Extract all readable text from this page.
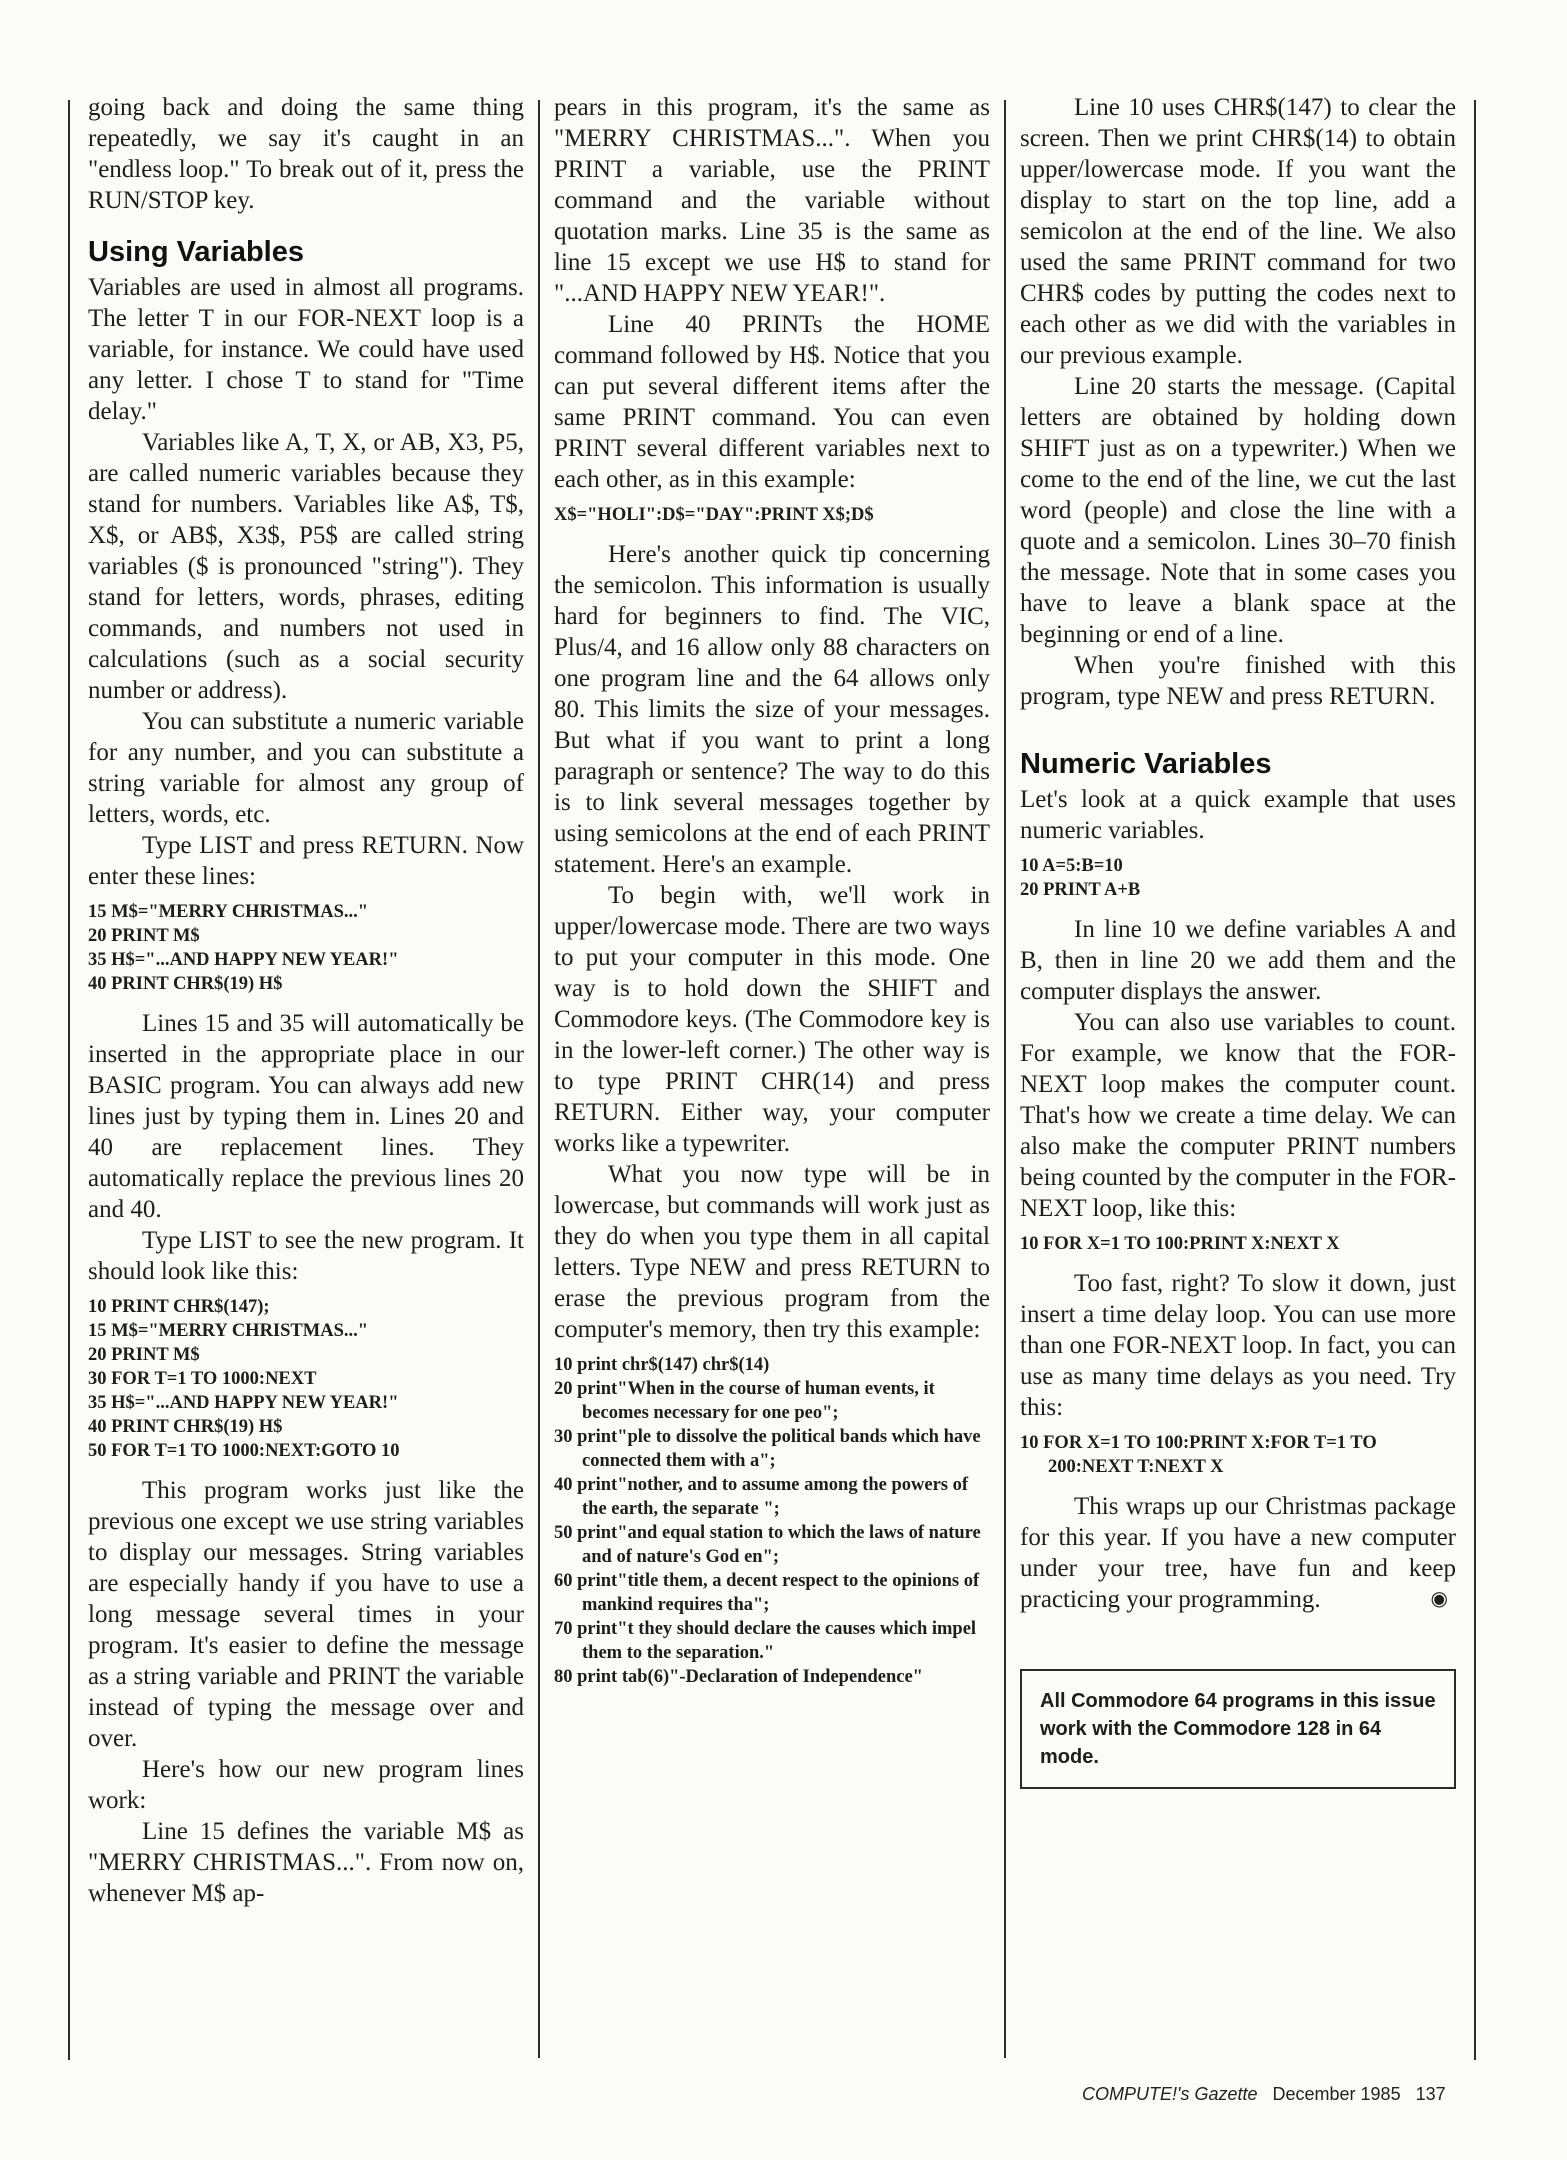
going back and doing the same thing repeatedly, we say it's caught in an "endless loop." To break out of it, press the RUN/STOP key.

Using Variables

Variables are used in almost all programs. The letter T in our FOR-NEXT loop is a variable, for instance. We could have used any letter. I chose T to stand for "Time delay."

Variables like A, T, X, or AB, X3, P5, are called numeric variables because they stand for numbers. Variables like A$, T$, X$, or AB$, X3$, P5$ are called string variables ($ is pronounced "string"). They stand for letters, words, phrases, editing commands, and numbers not used in calculations (such as a social security number or address).

You can substitute a numeric variable for any number, and you can substitute a string variable for almost any group of letters, words, etc.

Type LIST and press RETURN. Now enter these lines:

15 M$="MERRY CHRISTMAS..."
20 PRINT M$
35 H$="...AND HAPPY NEW YEAR!"
40 PRINT CHR$(19) H$

Lines 15 and 35 will automatically be inserted in the appropriate place in our BASIC program. You can always add new lines just by typing them in. Lines 20 and 40 are replacement lines. They automatically replace the previous lines 20 and 40.

Type LIST to see the new program. It should look like this:

10 PRINT CHR$(147);
15 M$="MERRY CHRISTMAS..."
20 PRINT M$
30 FOR T=1 TO 1000:NEXT
35 H$="...AND HAPPY NEW YEAR!"
40 PRINT CHR$(19) H$
50 FOR T=1 TO 1000:NEXT:GOTO 10

This program works just like the previous one except we use string variables to display our messages. String variables are especially handy if you have to use a long message several times in your program. It's easier to define the message as a string variable and PRINT the variable instead of typing the message over and over.

Here's how our new program lines work:

Line 15 defines the variable M$ as "MERRY CHRISTMAS...". From now on, whenever M$ ap-

pears in this program, it's the same as "MERRY CHRISTMAS...". When you PRINT a variable, use the PRINT command and the variable without quotation marks. Line 35 is the same as line 15 except we use H$ to stand for "...AND HAPPY NEW YEAR!".

Line 40 PRINTs the HOME command followed by H$. Notice that you can put several different items after the same PRINT command. You can even PRINT several different variables next to each other, as in this example:

X$="HOLI":D$="DAY":PRINT X$;D$

Here's another quick tip concerning the semicolon. This information is usually hard for beginners to find. The VIC, Plus/4, and 16 allow only 88 characters on one program line and the 64 allows only 80. This limits the size of your messages. But what if you want to print a long paragraph or sentence? The way to do this is to link several messages together by using semicolons at the end of each PRINT statement. Here's an example.

To begin with, we'll work in upper/lowercase mode. There are two ways to put your computer in this mode. One way is to hold down the SHIFT and Commodore keys. (The Commodore key is in the lower-left corner.) The other way is to type PRINT CHR(14) and press RETURN. Either way, your computer works like a typewriter.

What you now type will be in lowercase, but commands will work just as they do when you type them in all capital letters. Type NEW and press RETURN to erase the previous program from the computer's memory, then try this example:

10 print chr$(147) chr$(14)
20 print"When in the course of human events, it becomes necessary for one peo";
30 print"ple to dissolve the political bands which have connected them with a";
40 print"nother, and to assume among the powers of the earth, the separate ";
50 print"and equal station to which the laws of nature and of nature's God en";
60 print"title them, a decent respect to the opinions of mankind requires tha";
70 print"t they should declare the causes which impel them to the separation."
80 print tab(6)"-Declaration of Independence"

Line 10 uses CHR$(147) to clear the screen. Then we print CHR$(14) to obtain upper/lowercase mode. If you want the display to start on the top line, add a semicolon at the end of the line. We also used the same PRINT command for two CHR$ codes by putting the codes next to each other as we did with the variables in our previous example.

Line 20 starts the message. (Capital letters are obtained by holding down SHIFT just as on a typewriter.) When we come to the end of the line, we cut the last word (people) and close the line with a quote and a semicolon. Lines 30–70 finish the message. Note that in some cases you have to leave a blank space at the beginning or end of a line.

When you're finished with this program, type NEW and press RETURN.

Numeric Variables

Let's look at a quick example that uses numeric variables.

10 A=5:B=10
20 PRINT A+B

In line 10 we define variables A and B, then in line 20 we add them and the computer displays the answer.

You can also use variables to count. For example, we know that the FOR-NEXT loop makes the computer count. That's how we create a time delay. We can also make the computer PRINT numbers being counted by the computer in the FOR-NEXT loop, like this:

10 FOR X=1 TO 100:PRINT X:NEXT X

Too fast, right? To slow it down, just insert a time delay loop. You can use more than one FOR-NEXT loop. In fact, you can use as many time delays as you need. Try this:

10 FOR X=1 TO 100:PRINT X:FOR T=1 TO 200:NEXT T:NEXT X

This wraps up our Christmas package for this year. If you have a new computer under your tree, have fun and keep practicing your programming.	◉

All Commodore 64 programs in this issue work with the Commodore 128 in 64 mode.
COMPUTE!'s Gazette December 1985 137
